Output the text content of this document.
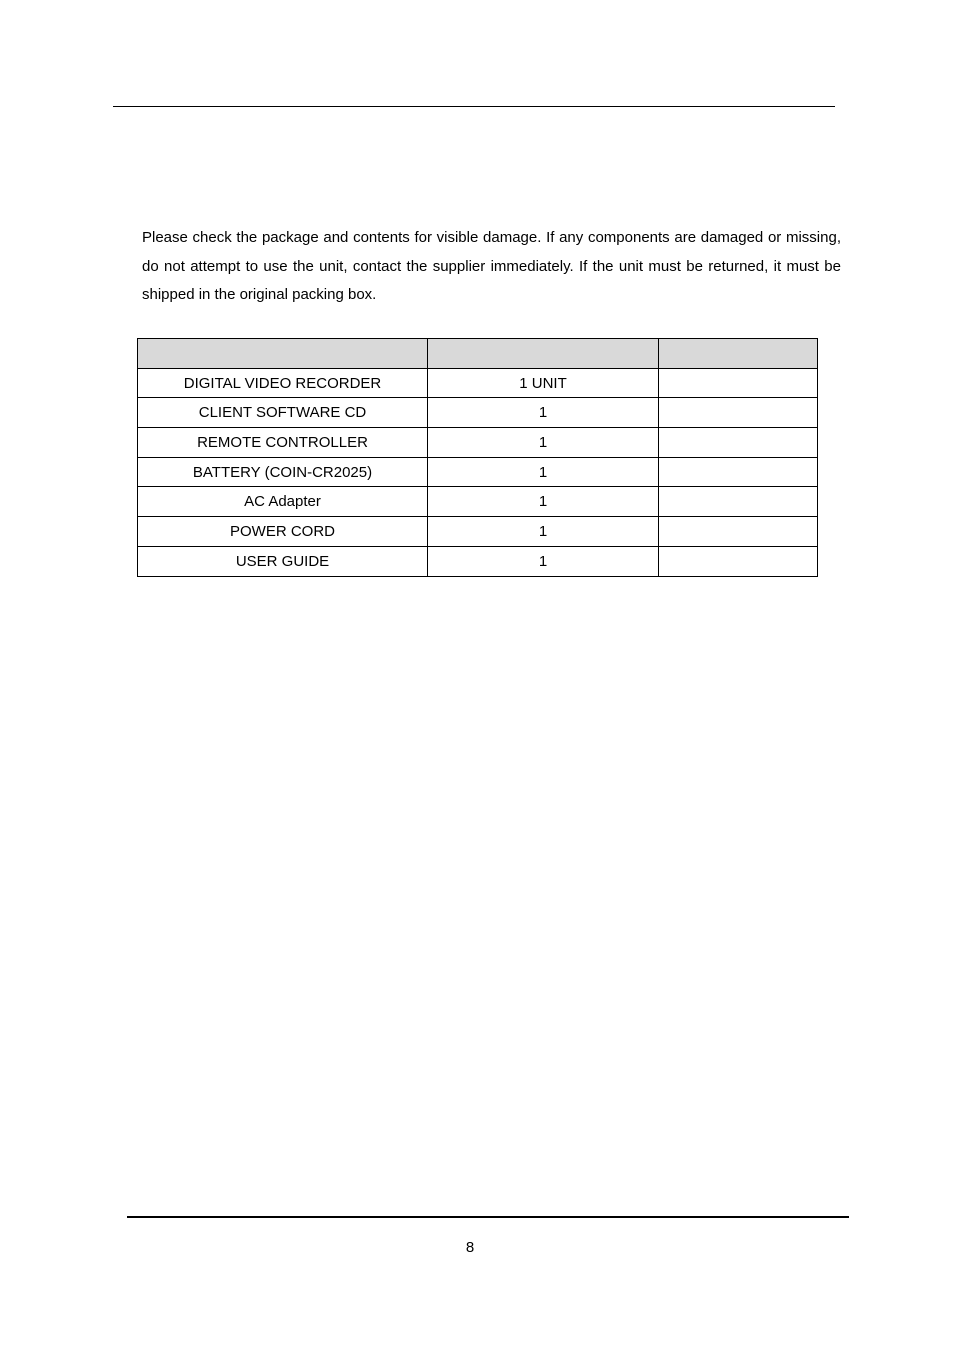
Please check the package and contents for visible damage. If any components are damaged or missing, do not attempt to use the unit, contact the supplier immediately. If the unit must be returned, it must be shipped in the original packing box.

DIGITAL VIDEO RECORDER	1 UNIT	
CLIENT SOFTWARE CD	1	
REMOTE CONTROLLER	1	
BATTERY (COIN-CR2025)	1	
AC Adapter	1	
POWER CORD	1	
USER GUIDE	1	
8
